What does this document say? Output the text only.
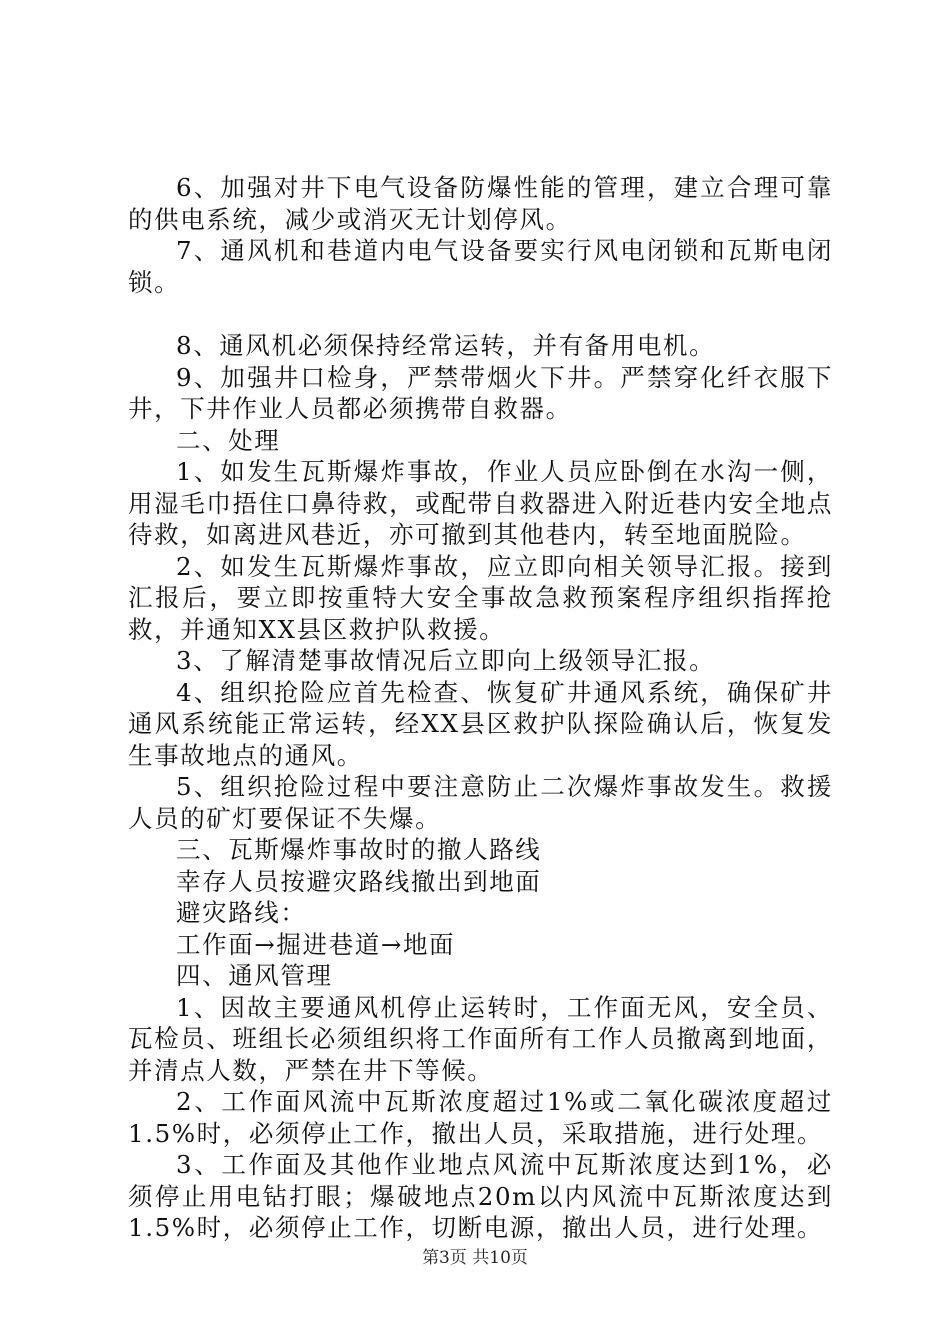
6、加强对井下电气设备防爆性能的管理，建立合理可靠的供电系统，减少或消灭无计划停风。

7、通风机和巷道内电气设备要实行风电闭锁和瓦斯电闭锁。

8、通风机必须保持经常运转，并有备用电机。

9、加强井口检身，严禁带烟火下井。严禁穿化纤衣服下井，下井作业人员都必须携带自救器。

二、处理

1、如发生瓦斯爆炸事故，作业人员应卧倒在水沟一侧，用湿毛巾捂住口鼻待救，或配带自救器进入附近巷内安全地点待救，如离进风巷近，亦可撤到其他巷内，转至地面脱险。

2、如发生瓦斯爆炸事故，应立即向相关领导汇报。接到汇报后，要立即按重特大安全事故急救预案程序组织指挥抢救，并通知XX县区救护队救援。

3、了解清楚事故情况后立即向上级领导汇报。

4、组织抢险应首先检查、恢复矿井通风系统，确保矿井通风系统能正常运转，经XX县区救护队探险确认后，恢复发生事故地点的通风。

5、组织抢险过程中要注意防止二次爆炸事故发生。救援人员的矿灯要保证不失爆。

三、瓦斯爆炸事故时的撤人路线

幸存人员按避灾路线撤出到地面

避灾路线：

工作面→掘进巷道→地面

四、通风管理

1、因故主要通风机停止运转时，工作面无风，安全员、瓦检员、班组长必须组织将工作面所有工作人员撤离到地面，并清点人数，严禁在井下等候。

2、工作面风流中瓦斯浓度超过1%或二氧化碳浓度超过1.5%时，必须停止工作，撤出人员，采取措施，进行处理。

3、工作面及其他作业地点风流中瓦斯浓度达到1%，必须停止用电钻打眼；爆破地点20m以内风流中瓦斯浓度达到1.5%时，必须停止工作，切断电源，撤出人员，进行处理。

第3页 共10页
